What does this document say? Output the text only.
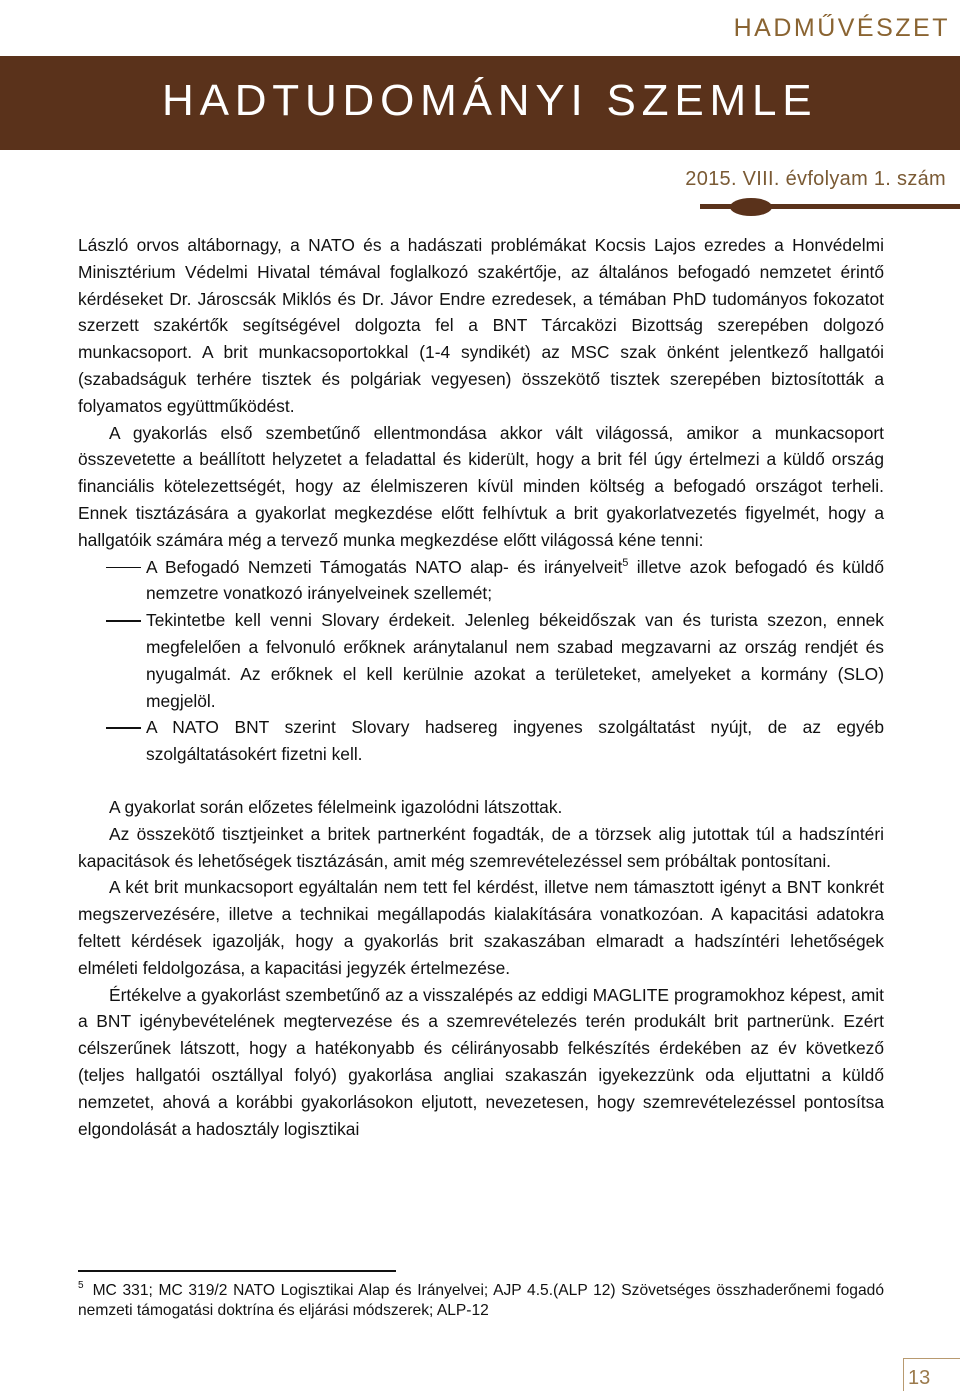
HADMŰVÉSZET
HADTUDOMÁNYI SZEMLE
2015. VIII. évfolyam 1. szám

László orvos altábornagy, a NATO és a hadászati problémákat Kocsis Lajos ezredes a Honvédelmi Minisztérium Védelmi Hivatal témával foglalkozó szakértője, az általános befogadó nemzetet érintő kérdéseket Dr. Jároscsák Miklós és Dr. Jávor Endre ezredesek, a témában PhD tudományos fokozatot szerzett szakértők segítségével dolgozta fel a BNT Tárcaközi Bizottság szerepében dolgozó munkacsoport. A brit munkacsoportokkal (1-4 syndikét) az MSC szak önként jelentkező hallgatói (szabadságuk terhére tisztek és polgáriak vegyesen) összekötő tisztek szerepében biztosították a folyamatos együttműködést.

A gyakorlás első szembetűnő ellentmondása akkor vált világossá, amikor a munkacsoport összevetette a beállított helyzetet a feladattal és kiderült, hogy a brit fél úgy értelmezi a küldő ország financiális kötelezettségét, hogy az élelmiszeren kívül minden költség a befogadó országot terheli. Ennek tisztázására a gyakorlat megkezdése előtt felhívtuk a brit gyakorlatvezetés figyelmét, hogy a hallgatóik számára még a tervező munka megkezdése előtt világossá kéne tenni:

A Befogadó Nemzeti Támogatás NATO alap- és irányelveit$^5$ illetve azok befogadó és küldő nemzetre vonatkozó irányelveinek szellemét;
Tekintetbe kell venni Slovary érdekeit. Jelenleg békeidőszak van és turista szezon, ennek megfelelően a felvonuló erőknek aránytalanul nem szabad megzavarni az ország rendjét és nyugalmát. Az erőknek el kell kerülnie azokat a területeket, amelyeket a kormány (SLO) megjelöl.
A NATO BNT szerint Slovary hadsereg ingyenes szolgáltatást nyújt, de az egyéb szolgáltatásokért fizetni kell.

A gyakorlat során előzetes félelmeink igazolódni látszottak.

Az összekötő tisztjeinket a britek partnerként fogadták, de a törzsek alig jutottak túl a hadszíntéri kapacitások és lehetőségek tisztázásán, amit még szemrevételezéssel sem próbáltak pontosítani.

A két brit munkacsoport egyáltalán nem tett fel kérdést, illetve nem támasztott igényt a BNT konkrét megszervezésére, illetve a technikai megállapodás kialakítására vonatkozóan. A kapacitási adatokra feltett kérdések igazolják, hogy a gyakorlás brit szakaszában elmaradt a hadszíntéri lehetőségek elméleti feldolgozása, a kapacitási jegyzék értelmezése.

Értékelve a gyakorlást szembetűnő az a visszalépés az eddigi MAGLITE programokhoz képest, amit a BNT igénybevételének megtervezése és a szemrevételezés terén produkált brit partnerünk. Ezért célszerűnek látszott, hogy a hatékonyabb és célirányosabb felkészítés érdekében az év következő (teljes hallgatói osztállyal folyó) gyakorlása angliai szakaszán igyekezzünk oda eljuttatni a küldő nemzetet, ahová a korábbi gyakorlásokon eljutott, nevezetesen, hogy szemrevételezéssel pontosítsa elgondolását a hadosztály logisztikai

$^5$ MC 331; MC 319/2 NATO Logisztikai Alap és Irányelvei; AJP 4.5.(ALP 12) Szövetséges összhaderőnemi fogadó nemzeti támogatási doktrína és eljárási módszerek; ALP-12
13
